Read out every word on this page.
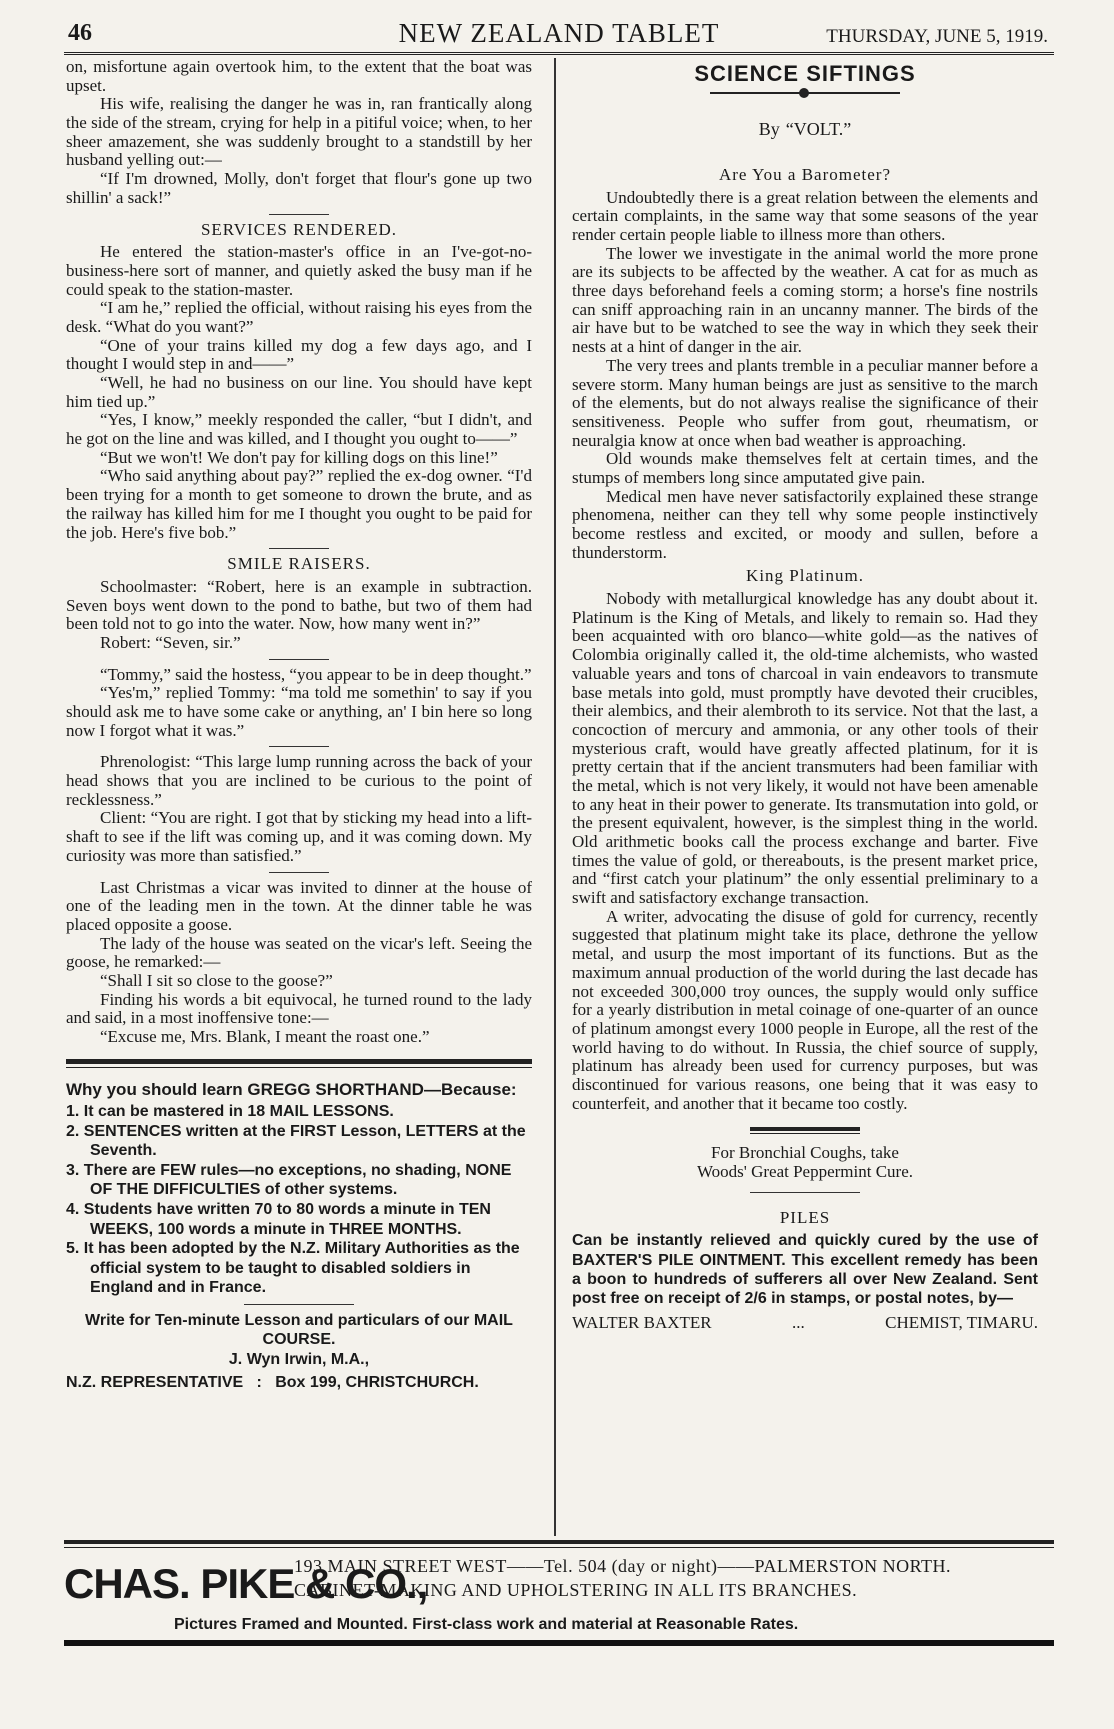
46	NEW ZEALAND TABLET	THURSDAY, JUNE 5, 1919.

on, misfortune again overtook him, to the extent that the boat was upset.

His wife, realising the danger he was in, ran frantically along the side of the stream, crying for help in a pitiful voice; when, to her sheer amazement, she was suddenly brought to a standstill by her husband yelling out:—

“If I'm drowned, Molly, don't forget that flour's gone up two shillin' a sack!”

SERVICES RENDERED.

He entered the station-master's office in an I've-got-no-business-here sort of manner, and quietly asked the busy man if he could speak to the station-master.

“I am he,” replied the official, without raising his eyes from the desk. “What do you want?”

“One of your trains killed my dog a few days ago, and I thought I would step in and——”

“Well, he had no business on our line. You should have kept him tied up.”

“Yes, I know,” meekly responded the caller, “but I didn't, and he got on the line and was killed, and I thought you ought to——”

“But we won't! We don't pay for killing dogs on this line!”

“Who said anything about pay?” replied the ex-dog owner. “I'd been trying for a month to get someone to drown the brute, and as the railway has killed him for me I thought you ought to be paid for the job. Here's five bob.”

SMILE RAISERS.

Schoolmaster: “Robert, here is an example in subtraction. Seven boys went down to the pond to bathe, but two of them had been told not to go into the water. Now, how many went in?”

Robert: “Seven, sir.”

“Tommy,” said the hostess, “you appear to be in deep thought.”

“Yes'm,” replied Tommy: “ma told me somethin' to say if you should ask me to have some cake or anything, an' I bin here so long now I forgot what it was.”

Phrenologist: “This large lump running across the back of your head shows that you are inclined to be curious to the point of recklessness.”

Client: “You are right. I got that by sticking my head into a lift-shaft to see if the lift was coming up, and it was coming down. My curiosity was more than satisfied.”

Last Christmas a vicar was invited to dinner at the house of one of the leading men in the town. At the dinner table he was placed opposite a goose.

The lady of the house was seated on the vicar's left. Seeing the goose, he remarked:—

“Shall I sit so close to the goose?”

Finding his words a bit equivocal, he turned round to the lady and said, in a most inoffensive tone:—

“Excuse me, Mrs. Blank, I meant the roast one.”

Why you should learn GREGG SHORTHAND—Because:

1. It can be mastered in 18 MAIL LESSONS.

2. SENTENCES written at the FIRST Lesson, LETTERS at the Seventh.

3. There are FEW rules—no exceptions, no shading, NONE OF THE DIFFICULTIES of other systems.

4. Students have written 70 to 80 words a minute in TEN WEEKS, 100 words a minute in THREE MONTHS.

5. It has been adopted by the N.Z. Military Authorities as the official system to be taught to disabled soldiers in England and in France.

Write for Ten-minute Lesson and particulars of our MAIL COURSE.

J. Wyn Irwin, M.A.,

N.Z. REPRESENTATIVE : Box 199, CHRISTCHURCH.

SCIENCE SIFTINGS
By “VOLT.”
Are You a Barometer?

Undoubtedly there is a great relation between the elements and certain complaints, in the same way that some seasons of the year render certain people liable to illness more than others.

The lower we investigate in the animal world the more prone are its subjects to be affected by the weather. A cat for as much as three days beforehand feels a coming storm; a horse's fine nostrils can sniff approaching rain in an uncanny manner. The birds of the air have but to be watched to see the way in which they seek their nests at a hint of danger in the air.

The very trees and plants tremble in a peculiar manner before a severe storm. Many human beings are just as sensitive to the march of the elements, but do not always realise the significance of their sensitiveness. People who suffer from gout, rheumatism, or neuralgia know at once when bad weather is approaching.

Old wounds make themselves felt at certain times, and the stumps of members long since amputated give pain.

Medical men have never satisfactorily explained these strange phenomena, neither can they tell why some people instinctively become restless and excited, or moody and sullen, before a thunderstorm.

King Platinum.

Nobody with metallurgical knowledge has any doubt about it. Platinum is the King of Metals, and likely to remain so. Had they been acquainted with oro blanco—white gold—as the natives of Colombia originally called it, the old-time alchemists, who wasted valuable years and tons of charcoal in vain endeavors to transmute base metals into gold, must promptly have devoted their crucibles, their alembics, and their alembroth to its service. Not that the last, a concoction of mercury and ammonia, or any other tools of their mysterious craft, would have greatly affected platinum, for it is pretty certain that if the ancient transmuters had been familiar with the metal, which is not very likely, it would not have been amenable to any heat in their power to generate. Its transmutation into gold, or the present equivalent, however, is the simplest thing in the world. Old arithmetic books call the process exchange and barter. Five times the value of gold, or thereabouts, is the present market price, and “first catch your platinum” the only essential preliminary to a swift and satisfactory exchange transaction.

A writer, advocating the disuse of gold for currency, recently suggested that platinum might take its place, dethrone the yellow metal, and usurp the most important of its functions. But as the maximum annual production of the world during the last decade has not exceeded 300,000 troy ounces, the supply would only suffice for a yearly distribution in metal coinage of one-quarter of an ounce of platinum amongst every 1000 people in Europe, all the rest of the world having to do without. In Russia, the chief source of supply, platinum has already been used for currency purposes, but was discontinued for various reasons, one being that it was easy to counterfeit, and another that it became too costly.

For Bronchial Coughs, take

Woods' Great Peppermint Cure.

PILES
Can be instantly relieved and quickly cured by the use of BAXTER'S PILE OINTMENT. This excellent remedy has been a boon to hundreds of sufferers all over New Zealand. Sent post free on receipt of 2/6 in stamps, or postal notes, by—
WALTER BAXTER	...	CHEMIST, TIMARU.
CHAS. PIKE & CO.,
193 MAIN STREET WEST——Tel. 504 (day or night)——PALMERSTON NORTH.
CABINET-MAKING AND UPHOLSTERING IN ALL ITS BRANCHES.
Pictures Framed and Mounted. First-class work and material at Reasonable Rates.
